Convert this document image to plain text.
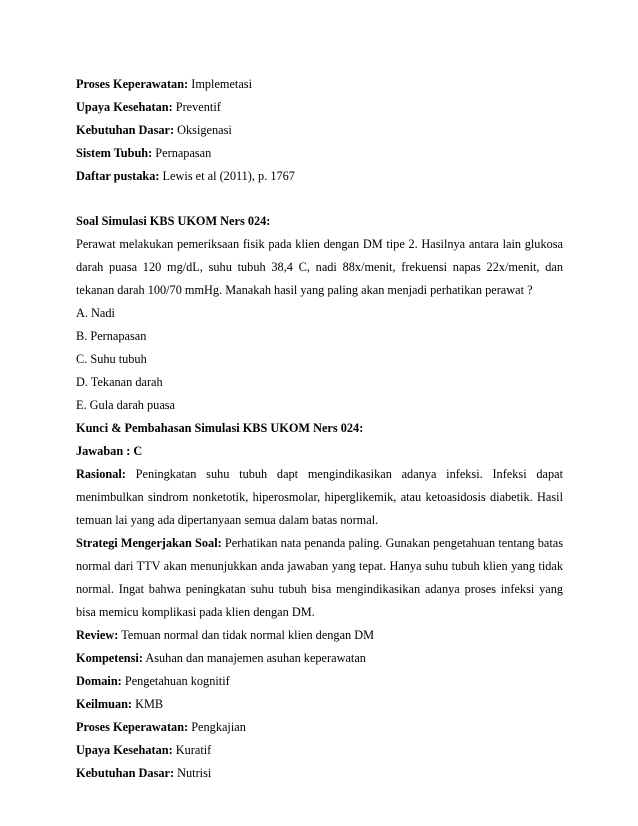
Proses Keperawatan: Implemetasi

Upaya Kesehatan: Preventif

Kebutuhan Dasar: Oksigenasi

Sistem Tubuh: Pernapasan

Daftar pustaka: Lewis et al (2011), p. 1767

Soal Simulasi KBS UKOM Ners 024:

Perawat melakukan pemeriksaan fisik pada klien dengan DM tipe 2. Hasilnya antara lain glukosa darah puasa 120 mg/dL, suhu tubuh 38,4 C, nadi 88x/menit, frekuensi napas 22x/menit, dan tekanan darah 100/70 mmHg. Manakah hasil yang paling akan menjadi perhatikan perawat ?

A. Nadi

B. Pernapasan

C. Suhu tubuh

D. Tekanan darah

E. Gula darah puasa

Kunci & Pembahasan Simulasi KBS UKOM Ners 024:

Jawaban : C

Rasional: Peningkatan suhu tubuh dapt mengindikasikan adanya infeksi. Infeksi dapat menimbulkan sindrom nonketotik, hiperosmolar, hiperglikemik, atau ketoasidosis diabetik. Hasil temuan lai yang ada dipertanyaan semua dalam batas normal.

Strategi Mengerjakan Soal: Perhatikan nata penanda paling. Gunakan pengetahuan tentang batas normal dari TTV akan menunjukkan anda jawaban yang tepat. Hanya suhu tubuh klien yang tidak normal. Ingat bahwa peningkatan suhu tubuh bisa mengindikasikan adanya proses infeksi yang bisa memicu komplikasi pada klien dengan DM.

Review: Temuan normal dan tidak normal klien dengan DM

Kompetensi: Asuhan dan manajemen asuhan keperawatan

Domain: Pengetahuan kognitif

Keilmuan: KMB

Proses Keperawatan: Pengkajian

Upaya Kesehatan: Kuratif

Kebutuhan Dasar: Nutrisi
